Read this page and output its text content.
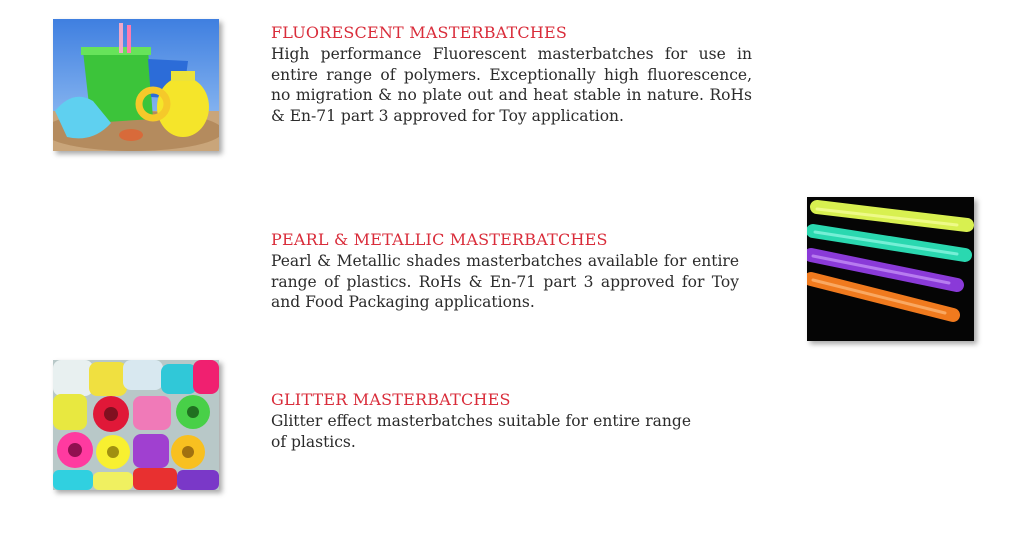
FLUORESCENT MASTERBATCHES

High performance Fluorescent masterbatches for use in entire range of polymers. Exceptionally high fluorescence, no migration & no plate out and heat stable in nature. RoHs & En-71 part 3 approved for Toy application.

PEARL & METALLIC MASTERBATCHES

Pearl & Metallic shades masterbatches available for entire range of plastics. RoHs & En-71 part 3 approved for Toy and Food Packaging applications.

GLITTER MASTERBATCHES

Glitter effect masterbatches suitable for entire range of plastics.
